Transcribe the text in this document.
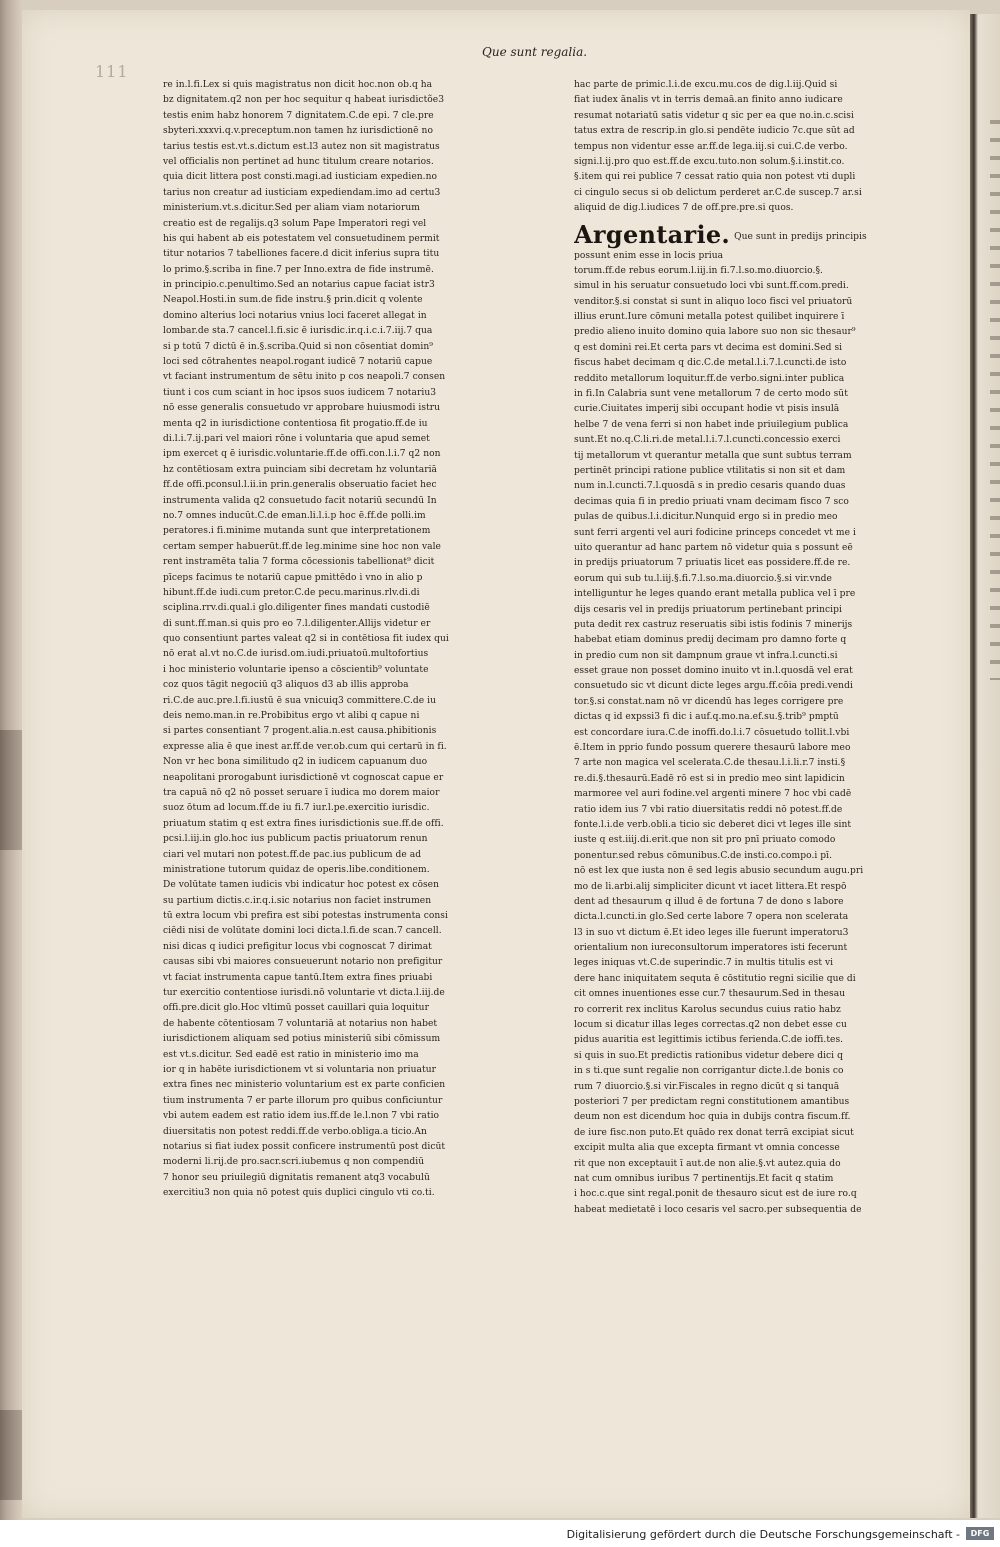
111
Que sunt regalia.
re in.l.fi.Lex si quis magistratus non dicit hoc.non ob.q ha
bz dignitatem.q2 non per hoc sequitur q habeat iurisdictõe3
testis enim habz honorem 7 dignitatem.C.de epi. 7 cle.pre
sbyteri.xxxvi.q.v.preceptum.non tamen hz iurisdictionē no
tarius testis est.vt.s.dictum est.l3 autez non sit magistratus
vel officialis non pertinet ad hunc titulum creare notarios.
quia dicit littera post consti.magi.ad iusticiam expedien.no
tarius non creatur ad iusticiam expediendam.imo ad certu3
ministerium.vt.s.dicitur.Sed per aliam viam notariorum
creatio est de regalijs.q3 solum Pape Imperatori regi vel
his qui habent ab eis potestatem vel consuetudinem permit
titur notarios 7 tabelliones facere.d dicit inferius supra titu
lo primo.§.scriba in fine.7 per Inno.extra de fide instrumē.
in principio.c.penultimo.Sed an notarius capue faciat istr3
Neapol.Hosti.in sum.de fide instru.§ prin.dicit q volente
domino alterius loci notarius vnius loci faceret allegat in
lombar.de sta.7 cancel.l.fi.sic ē iurisdic.ir.q.i.c.i.7.iij.7 qua
si p totū 7 dictū ē in.§.scriba.Quid si non cōsentiat domin⁹
loci sed cōtrahentes neapol.rogant iudicē 7 notariū capue
vt faciant instrumentum de sētu inito p cos neapoli.7 consen
tiunt i cos cum sciant in hoc ipsos suos iudicem 7 notariu3
nō esse generalis consuetudo vr approbare huiusmodi istru
menta q2 in iurisdictione contentiosa fit progatio.ff.de iu
di.l.i.7.ij.pari vel maiori rōne i voluntaria que apud semet
ipm exercet q ē iurisdic.voluntarie.ff.de offi.con.l.i.7 q2 non
hz contētiosam extra puinciam sibi decretam hz voluntariā
ff.de offi.pconsul.l.ii.in prin.generalis obseruatio faciet hec
instrumenta valida q2 consuetudo facit notariū secundū In
no.7 omnes inducūt.C.de eman.li.l.i.p hoc ē.ff.de polli.im
peratores.i fi.minime mutanda sunt que interpretationem
certam semper habuerūt.ff.de leg.minime sine hoc non vale
rent instramēta talia 7 forma cōcessionis tabellionat⁹ dicit
pīceps facimus te notariū capue pmittēdo i vno in alio p
hibunt.ff.de iudi.cum pretor.C.de pecu.marinus.rlv.di.di
sciplina.rrv.di.qual.i glo.diligenter fines mandati custodiē
di sunt.ff.man.si quis pro eo 7.l.diligenter.Allijs videtur er
quo consentiunt partes valeat q2 si in contētiosa fit iudex qui
nō erat al.vt no.C.de iurisd.om.iudi.priuatoū.multofortius
i hoc ministerio voluntarie ipenso a cōscientib⁹ voluntate
coz quos tāgit negociū q3 aliquos d3 ab illis approba
ri.C.de auc.pre.l.fi.iustū ē sua vnicuiq3 committere.C.de iu
deis nemo.man.in re.Probibitus ergo vt alibi q capue ni
si partes consentiant 7 progent.alia.n.est causa.phibitionis
expresse alia ē que inest ar.ff.de ver.ob.cum qui certarū in fi.
Non vr hec bona similitudo q2 in iudicem capuanum duo
neapolitani prorogabunt iurisdictionē vt cognoscat capue er
tra capuā nō q2 nō posset seruare ī iudica mo dorem maior
suoz ōtum ad locum.ff.de iu fi.7 iur.l.pe.exercitio iurisdic.
priuatum statim q est extra fines iurisdictionis sue.ff.de offi.
pcsi.l.iij.in glo.hoc ius publicum pactis priuatorum renun
ciari vel mutari non potest.ff.de pac.ius publicum de ad
ministratione tutorum quidaz de operis.libe.conditionem.
De volūtate tamen iudicis vbi indicatur hoc potest ex cōsen
su partium dictis.c.ir.q.i.sic notarius non faciet instrumen
tū extra locum vbi prefira est sibi potestas instrumenta consi
ciēdi nisi de volūtate domini loci dicta.l.fi.de scan.7 cancell.
nisi dicas q iudici prefigitur locus vbi cognoscat 7 dirimat
causas sibi vbi maiores consueuerunt notario non prefigitur
vt faciat instrumenta capue tantū.Item extra fines priuabi
tur exercitio contentiose iurisdi.nō voluntarie vt dicta.l.iij.de
offi.pre.dicit glo.Hoc vltimū posset cauillari quia loquitur
de habente cōtentiosam 7 voluntariā at notarius non habet
iurisdictionem aliquam sed potius ministeriū sibi cōmissum
est vt.s.dicitur. Sed eadē est ratio in ministerio imo ma
ior q in habēte iurisdictionem vt si voluntaria non priuatur
extra fines nec ministerio voluntarium est ex parte conficien
tium instrumenta 7 er parte illorum pro quibus conficiuntur
vbi autem eadem est ratio idem ius.ff.de le.l.non 7 vbi ratio
diuersitatis non potest reddi.ff.de verbo.obliga.a ticio.An
notarius si fiat iudex possit conficere instrumentū post dicūt
moderni li.rij.de pro.sacr.scri.iubemus q non compendiū
7 honor seu priuilegiū dignitatis remanent atq3 vocabulū
exercitiu3 non quia nō potest quis duplici cingulo vti co.ti.
hac parte de primic.l.i.de excu.mu.cos de dig.l.iij.Quid si
fiat iudex ānalis vt in terris demaā.an finito anno iudicare
resumat notariatū satis videtur q sic per ea que no.in.c.scisi
tatus extra de rescrip.in glo.si pendēte iudicio 7c.que sūt ad
tempus non videntur esse ar.ff.de lega.iij.si cui.C.de verbo.
signi.l.ij.pro quo est.ff.de excu.tuto.non solum.§.i.instit.co.
§.item qui rei publice 7 cessat ratio quia non potest vti dupli
ci cingulo secus si ob delictum perderet ar.C.de suscep.7 ar.si
aliquid de dig.l.iudices 7 de off.pre.pre.si quos.
Argentarie. Que sunt in predijs principis
possunt enim esse in locis priua
torum.ff.de rebus eorum.l.iij.in fi.7.l.so.mo.diuorcio.§.
simul in his seruatur consuetudo loci vbi sunt.ff.com.predi.
venditor.§.si constat si sunt in aliquo loco fisci vel priuatorū
illius erunt.Iure cōmuni metalla potest quilibet inquirere ī
predio alieno inuito domino quia labore suo non sic thesaur⁹
q est domini rei.Et certa pars vt decima est domini.Sed si
fiscus habet decimam q dic.C.de metal.l.i.7.l.cuncti.de isto
reddito metallorum loquitur.ff.de verbo.signi.inter publica
in fi.In Calabria sunt vene metallorum 7 de certo modo sūt
curie.Ciuitates imperij sibi occupant hodie vt pisis insulā
helbe 7 de vena ferri si non habet inde priuilegium publica
sunt.Et no.q.C.li.ri.de metal.l.i.7.l.cuncti.concessio exerci
tij metallorum vt querantur metalla que sunt subtus terram
pertinēt principi ratione publice vtilitatis si non sit et dam
num in.l.cuncti.7.l.quosdā s in predio cesaris quando duas
decimas quia fi in predio priuati vnam decimam fisco 7 sco
pulas de quibus.l.i.dicitur.Nunquid ergo si in predio meo
sunt ferri argenti vel auri fodicine princeps concedet vt me i
uito querantur ad hanc partem nō videtur quia s possunt eē
in predijs priuatorum 7 priuatis licet eas possidere.ff.de re.
eorum qui sub tu.l.iij.§.fi.7.l.so.ma.diuorcio.§.si vir.vnde
intelliguntur he leges quando erant metalla publica vel ī pre
dijs cesaris vel in predijs priuatorum pertinebant principi
puta dedit rex castruz reseruatis sibi istis fodinis 7 minerijs
habebat etiam dominus predij decimam pro damno forte q
in predio cum non sit dampnum graue vt infra.l.cuncti.si
esset graue non posset domino inuito vt in.l.quosdā vel erat
consuetudo sic vt dicunt dicte leges argu.ff.cōia predi.vendi
tor.§.si constat.nam nō vr dicendū has leges corrigere pre
dictas q id expssi3 fi dic i auf.q.mo.na.ef.su.§.trib⁹ pmptū
est concordare iura.C.de inoffi.do.l.i.7 cōsuetudo tollit.l.vbi
ē.Item in pprio fundo possum querere thesaurū labore meo
7 arte non magica vel scelerata.C.de thesau.l.i.li.r.7 insti.§
re.di.§.thesaurū.Eadē rō est si in predio meo sint lapidicin
marmoree vel auri fodine.vel argenti minere 7 hoc vbi cadē
ratio idem ius 7 vbi ratio diuersitatis reddi nō potest.ff.de
fonte.l.i.de verb.obli.a ticio sic deberet dici vt leges ille sint
iuste q est.iiij.di.erit.que non sit pro pnī priuato comodo
ponentur.sed rebus cōmunibus.C.de insti.co.compo.i pī.
nō est lex que iusta non ē sed legis abusio secundum augu.pri
mo de li.arbi.alij simpliciter dicunt vt iacet littera.Et respō
dent ad thesaurum q illud ē de fortuna 7 de dono s labore
dicta.l.cuncti.in glo.Sed certe labore 7 opera non scelerata
l3 in suo vt dictum ē.Et ideo leges ille fuerunt imperatoru3
orientalium non iureconsultorum imperatores isti fecerunt
leges iniquas vt.C.de superindic.7 in multis titulis est vi
dere hanc iniquitatem sequta ē cōstitutio regni sicilie que di
cit omnes inuentiones esse cur.7 thesaurum.Sed in thesau
ro correrit rex inclitus Karolus secundus cuius ratio habz
locum si dicatur illas leges correctas.q2 non debet esse cu
pidus auaritia est legittimis ictibus ferienda.C.de ioffi.tes.
si quis in suo.Et predictis rationibus videtur debere dici q
in s ti.que sunt regalie non corrigantur dicte.l.de bonis co
rum 7 diuorcio.§.si vir.Fiscales in regno dicūt q si tanquā
posteriori 7 per predictam regni constitutionem amantibus
deum non est dicendum hoc quia in dubijs contra fiscum.ff.
de iure fisc.non puto.Et quādo rex donat terrā excipiat sicut
excipit multa alia que excepta firmant vt omnia concesse
rit que non exceptauit ī aut.de non alie.§.vt autez.quia do
nat cum omnibus iuribus 7 pertinentijs.Et facit q statim
i hoc.c.que sint regal.ponit de thesauro sicut est de iure ro.q
habeat medietatē i loco cesaris vel sacro.per subsequentia de
Digitalisierung gefördert durch die Deutsche Forschungsgemeinschaft -	DFG
